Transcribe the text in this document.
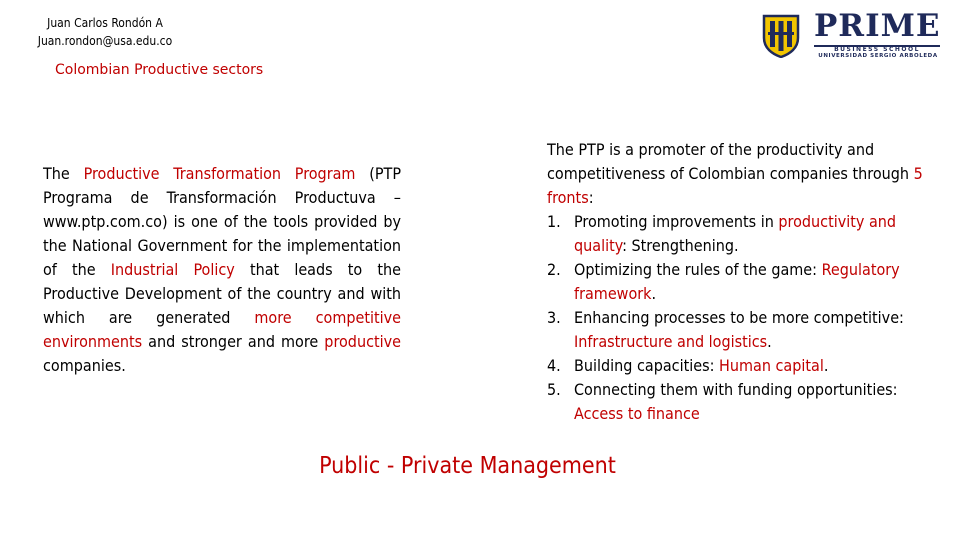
Juan Carlos Rondón A
Juan.rondon@usa.edu.co
Colombian Productive sectors
PRIME
BUSINESS SCHOOL
UNIVERSIDAD SERGIO ARBOLEDA
The Productive Transformation Program (PTP Programa de Transformación Productuva – www.ptp.com.co) is one of the tools provided by the National Government for the implementation of the Industrial Policy that leads to the Productive Development of the country and with which are generated more competitive environments and stronger and more productive companies.
The PTP is a promoter of the productivity and competitiveness of Colombian companies through 5 fronts:
1. Promoting improvements in productivity and quality: Strengthening.
2. Optimizing the rules of the game: Regulatory framework.
3. Enhancing processes to be more competitive: Infrastructure and logistics.
4. Building capacities: Human capital.
5. Connecting them with funding opportunities: Access to finance
Public - Private Management
